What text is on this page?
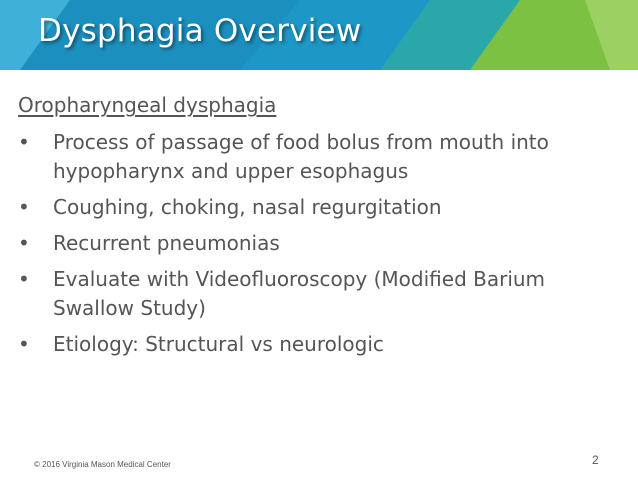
Dysphagia Overview
Oropharyngeal dysphagia
•	Process of passage of food bolus from mouth into hypopharynx and upper esophagus
•	Coughing, choking, nasal regurgitation
•	Recurrent pneumonias
•	Evaluate with Videofluoroscopy (Modified Barium Swallow Study)
•	Etiology: Structural vs neurologic
© 2016 Virginia Mason Medical Center	2
